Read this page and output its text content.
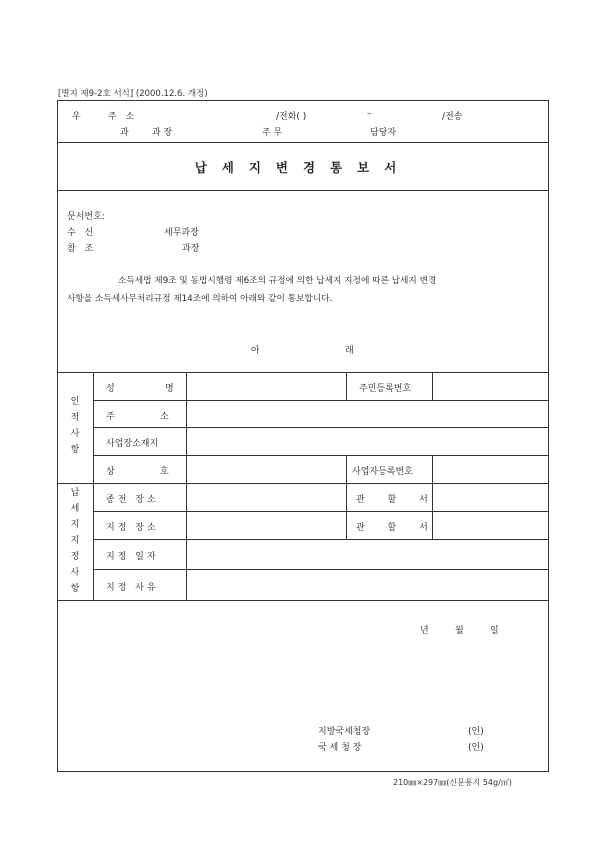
[별지 제9-2호 서식] (2000.12.6. 개정)
우	주 소	/전화( )	–	/전송
과	과 장	주 무	담당자
납세지변경통보서
문서번호:
수 신	세무과장
참 조	과장
소득세법 제9조 및 동법시행령 제6조의 규정에 의한 납세지 지정에 따른 납세지 변경
사항을 소득세사무처리규정 제14조에 의하여 아래와 같이 통보합니다.
아	래
인
적
사
항
성	명	주민등록번호
주	소
사업장소재지
상	호	사업자등록번호
납
세
지
지
정
사
항
종전 장소	관 할 서
지정 장소	관 할 서
지정 일자
지정 사유
년	월	일
지방국세청장	(인)
국 세 청 장	(인)
210㎜×297㎜(신문용지 54g/㎡)
